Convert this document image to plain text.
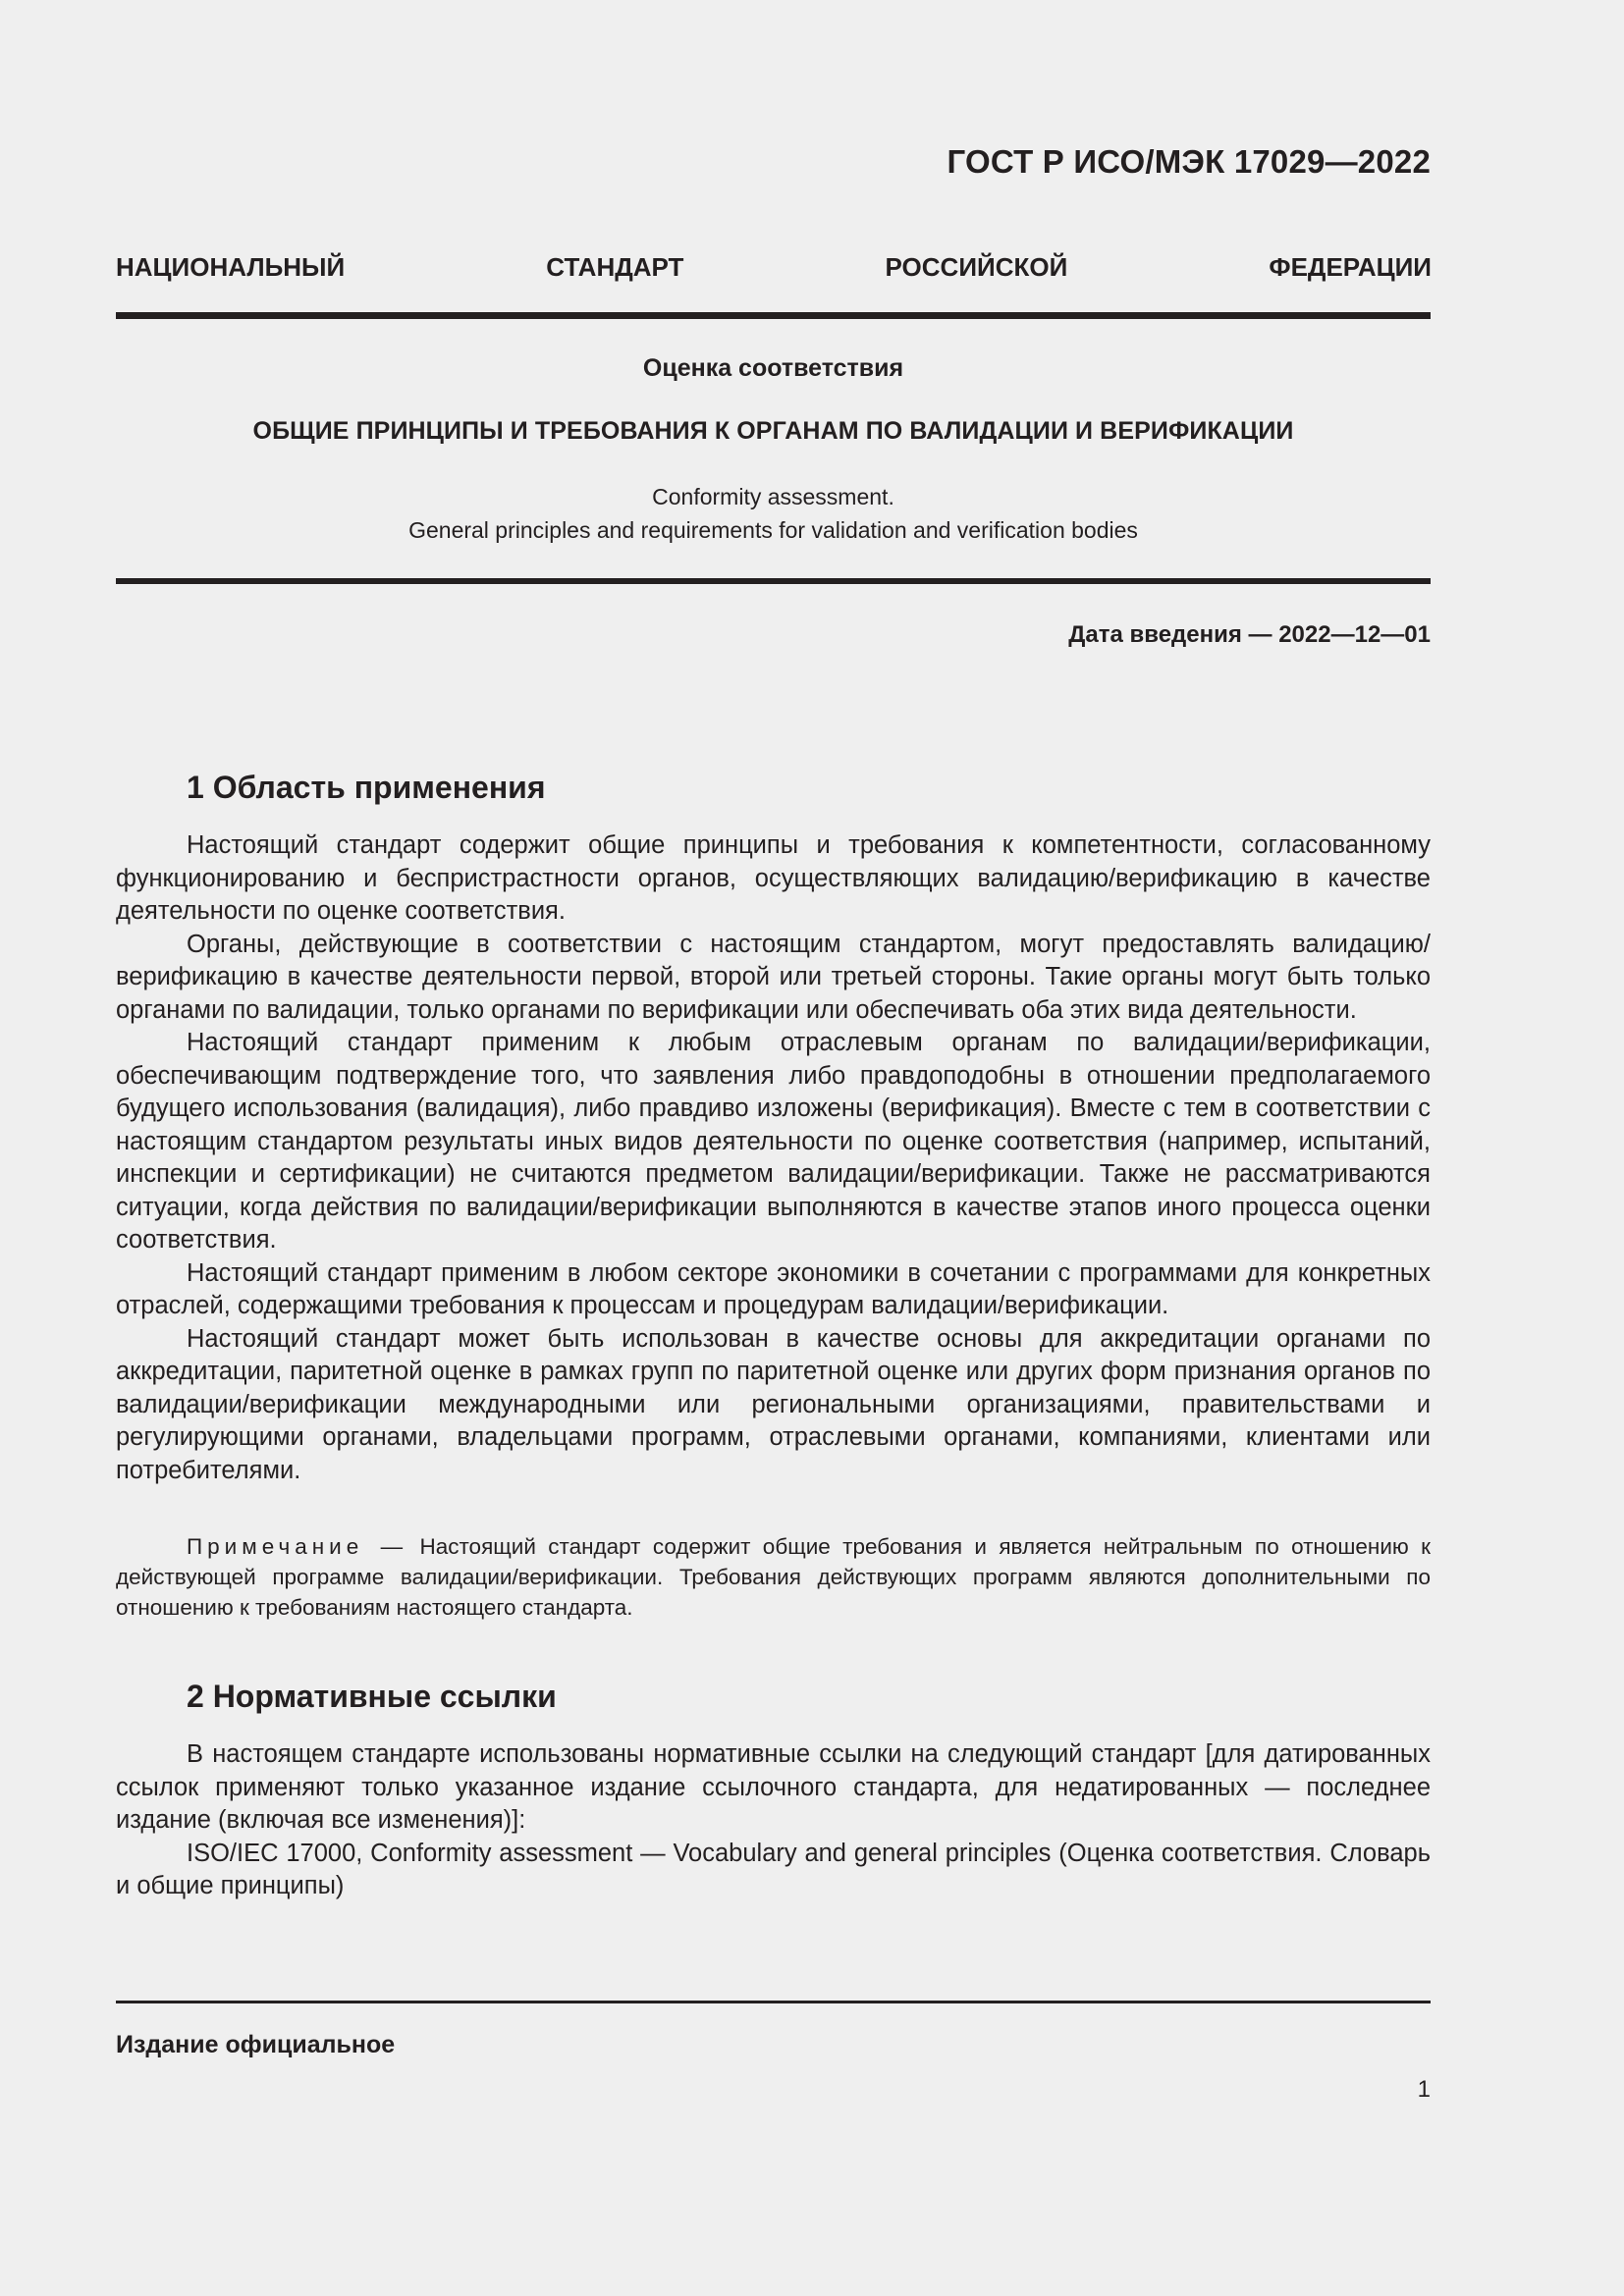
ГОСТ Р ИСО/МЭК 17029—2022
НАЦИОНАЛЬНЫЙ СТАНДАРТ РОССИЙСКОЙ ФЕДЕРАЦИИ
Оценка соответствия
ОБЩИЕ ПРИНЦИПЫ И ТРЕБОВАНИЯ К ОРГАНАМ ПО ВАЛИДАЦИИ И ВЕРИФИКАЦИИ
Conformity assessment.
General principles and requirements for validation and verification bodies
Дата введения — 2022—12—01
1 Область применения

Настоящий стандарт содержит общие принципы и требования к компетентности, согласованному функционированию и беспристрастности органов, осуществляющих валидацию/верификацию в качестве деятельности по оценке соответствия.

Органы, действующие в соответствии с настоящим стандартом, могут предоставлять валидацию/верификацию в качестве деятельности первой, второй или третьей стороны. Такие органы могут быть только органами по валидации, только органами по верификации или обеспечивать оба этих вида деятельности.

Настоящий стандарт применим к любым отраслевым органам по валидации/верификации, обеспечивающим подтверждение того, что заявления либо правдоподобны в отношении предполагаемого будущего использования (валидация), либо правдиво изложены (верификация). Вместе с тем в соответствии с настоящим стандартом результаты иных видов деятельности по оценке соответствия (например, испытаний, инспекции и сертификации) не считаются предметом валидации/верификации. Также не рассматриваются ситуации, когда действия по валидации/верификации выполняются в качестве этапов иного процесса оценки соответствия.

Настоящий стандарт применим в любом секторе экономики в сочетании с программами для конкретных отраслей, содержащими требования к процессам и процедурам валидации/верификации.

Настоящий стандарт может быть использован в качестве основы для аккредитации органами по аккредитации, паритетной оценке в рамках групп по паритетной оценке или других форм признания органов по валидации/верификации международными или региональными организациями, правительствами и регулирующими органами, владельцами программ, отраслевыми органами, компаниями, клиентами или потребителями.

Примечание — Настоящий стандарт содержит общие требования и является нейтральным по отношению к действующей программе валидации/верификации. Требования действующих программ являются дополнительными по отношению к требованиям настоящего стандарта.

2 Нормативные ссылки

В настоящем стандарте использованы нормативные ссылки на следующий стандарт [для датированных ссылок применяют только указанное издание ссылочного стандарта, для недатированных — последнее издание (включая все изменения)]:

ISO/IEC 17000, Conformity assessment — Vocabulary and general principles (Оценка соответствия. Словарь и общие принципы)

Издание официальное
1
